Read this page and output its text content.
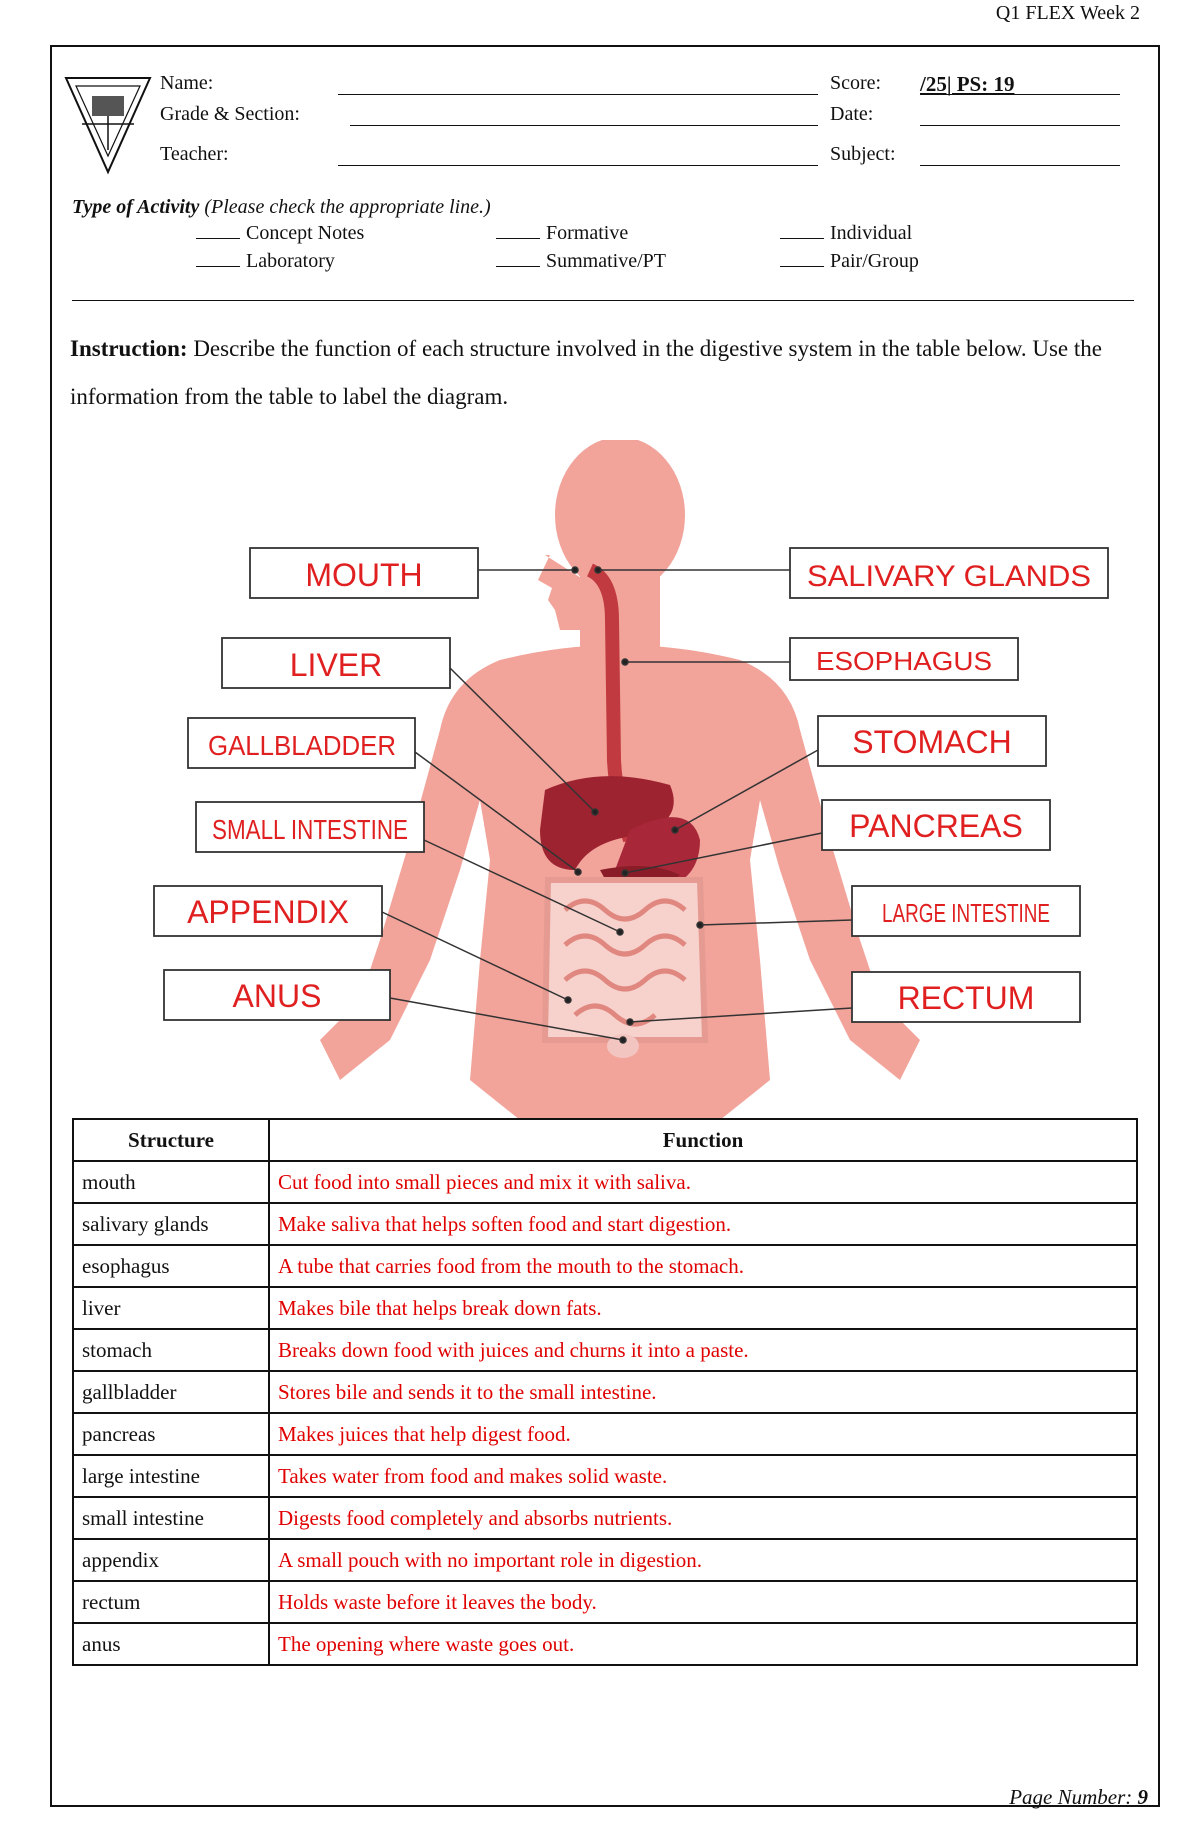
Q1 FLEX Week 2
Name:
Grade & Section:
Teacher:
Score: /25| PS: 19
Date:
Subject:
Type of Activity (Please check the appropriate line.)
Concept Notes
Laboratory
Formative
Summative/PT
Individual
Pair/Group
Instruction: Describe the function of each structure involved in the digestive system in the table below. Use the information from the table to label the diagram.
MOUTH
LIVER
GALLBLADDER
SMALL INTESTINE
APPENDIX
ANUS
SALIVARY GLANDS
ESOPHAGUS
STOMACH
PANCREAS
LARGE INTESTINE
RECTUM
Structure	Function
mouth	Cut food into small pieces and mix it with saliva.
salivary glands	Make saliva that helps soften food and start digestion.
esophagus	A tube that carries food from the mouth to the stomach.
liver	Makes bile that helps break down fats.
stomach	Breaks down food with juices and churns it into a paste.
gallbladder	Stores bile and sends it to the small intestine.
pancreas	Makes juices that help digest food.
large intestine	Takes water from food and makes solid waste.
small intestine	Digests food completely and absorbs nutrients.
appendix	A small pouch with no important role in digestion.
rectum	Holds waste before it leaves the body.
anus	The opening where waste goes out.
Page Number: 9
